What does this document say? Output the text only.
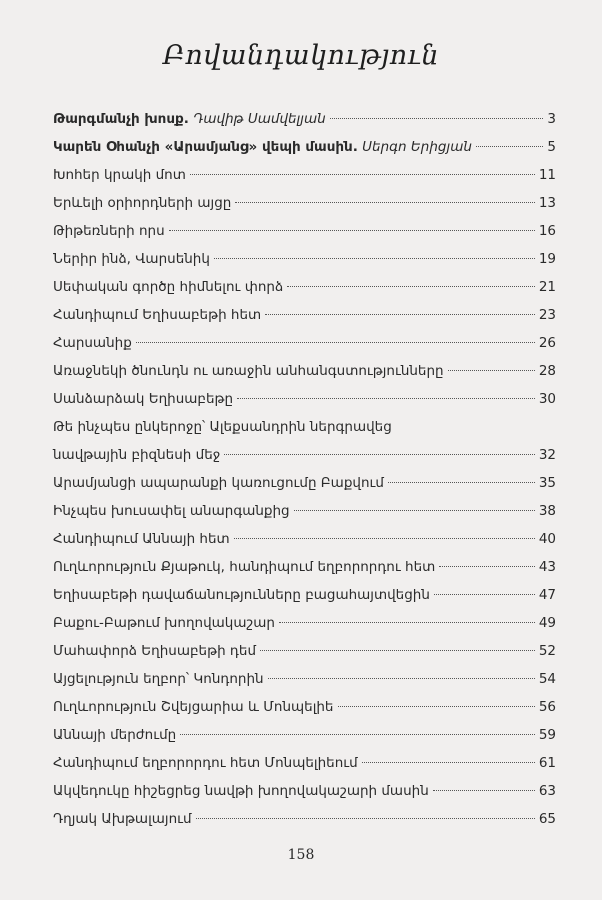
Բովանդակություն
Թարգմանչի խոսք. Դավիթ Սամվելյան	3
Կարեն Օհանչի «Արամյանց» վեպի մասին. Սերգո Երիցյան	5
Խոհեր կրակի մոտ	11
Երևելի օրիորդների այցը	13
Թիթեռների որս	16
Ներիր ինձ, Վարսենիկ	19
Սեփական գործը հիմնելու փորձ	21
Հանդիպում Եղիսաբեթի հետ	23
Հարսանիք	26
Առաջնեկի ծնունդն ու առաջին անհանգստությունները	28
Սանձարձակ Եղիսաբեթը	30
Թե ինչպես ընկերոջը՝ Ալեքսանդրին ներգրավեց
նավթային բիզնեսի մեջ	32
Արամյանցի ապարանքի կառուցումը Բաքվում	35
Ինչպես խուսափել անարգանքից	38
Հանդիպում Աննայի հետ	40
Ուղևորություն Քյաթուկ, հանդիպում եղբորորդու հետ	43
Եղիսաբեթի դավաճանությունները բացահայտվեցին	47
Բաքու-Բաթում խողովակաշար	49
Մահափորձ Եղիսաբեթի դեմ	52
Այցելություն եղբոր՝ Կոնդորին	54
Ուղևորություն Շվեյցարիա և Մոնպելիե	56
Աննայի մերժումը	59
Հանդիպում եղբորորդու հետ Մոնպելիեում	61
Ակվեդուկը հիշեցրեց նավթի խողովակաշարի մասին	63
Դղյակ Ախթալայում	65
158
